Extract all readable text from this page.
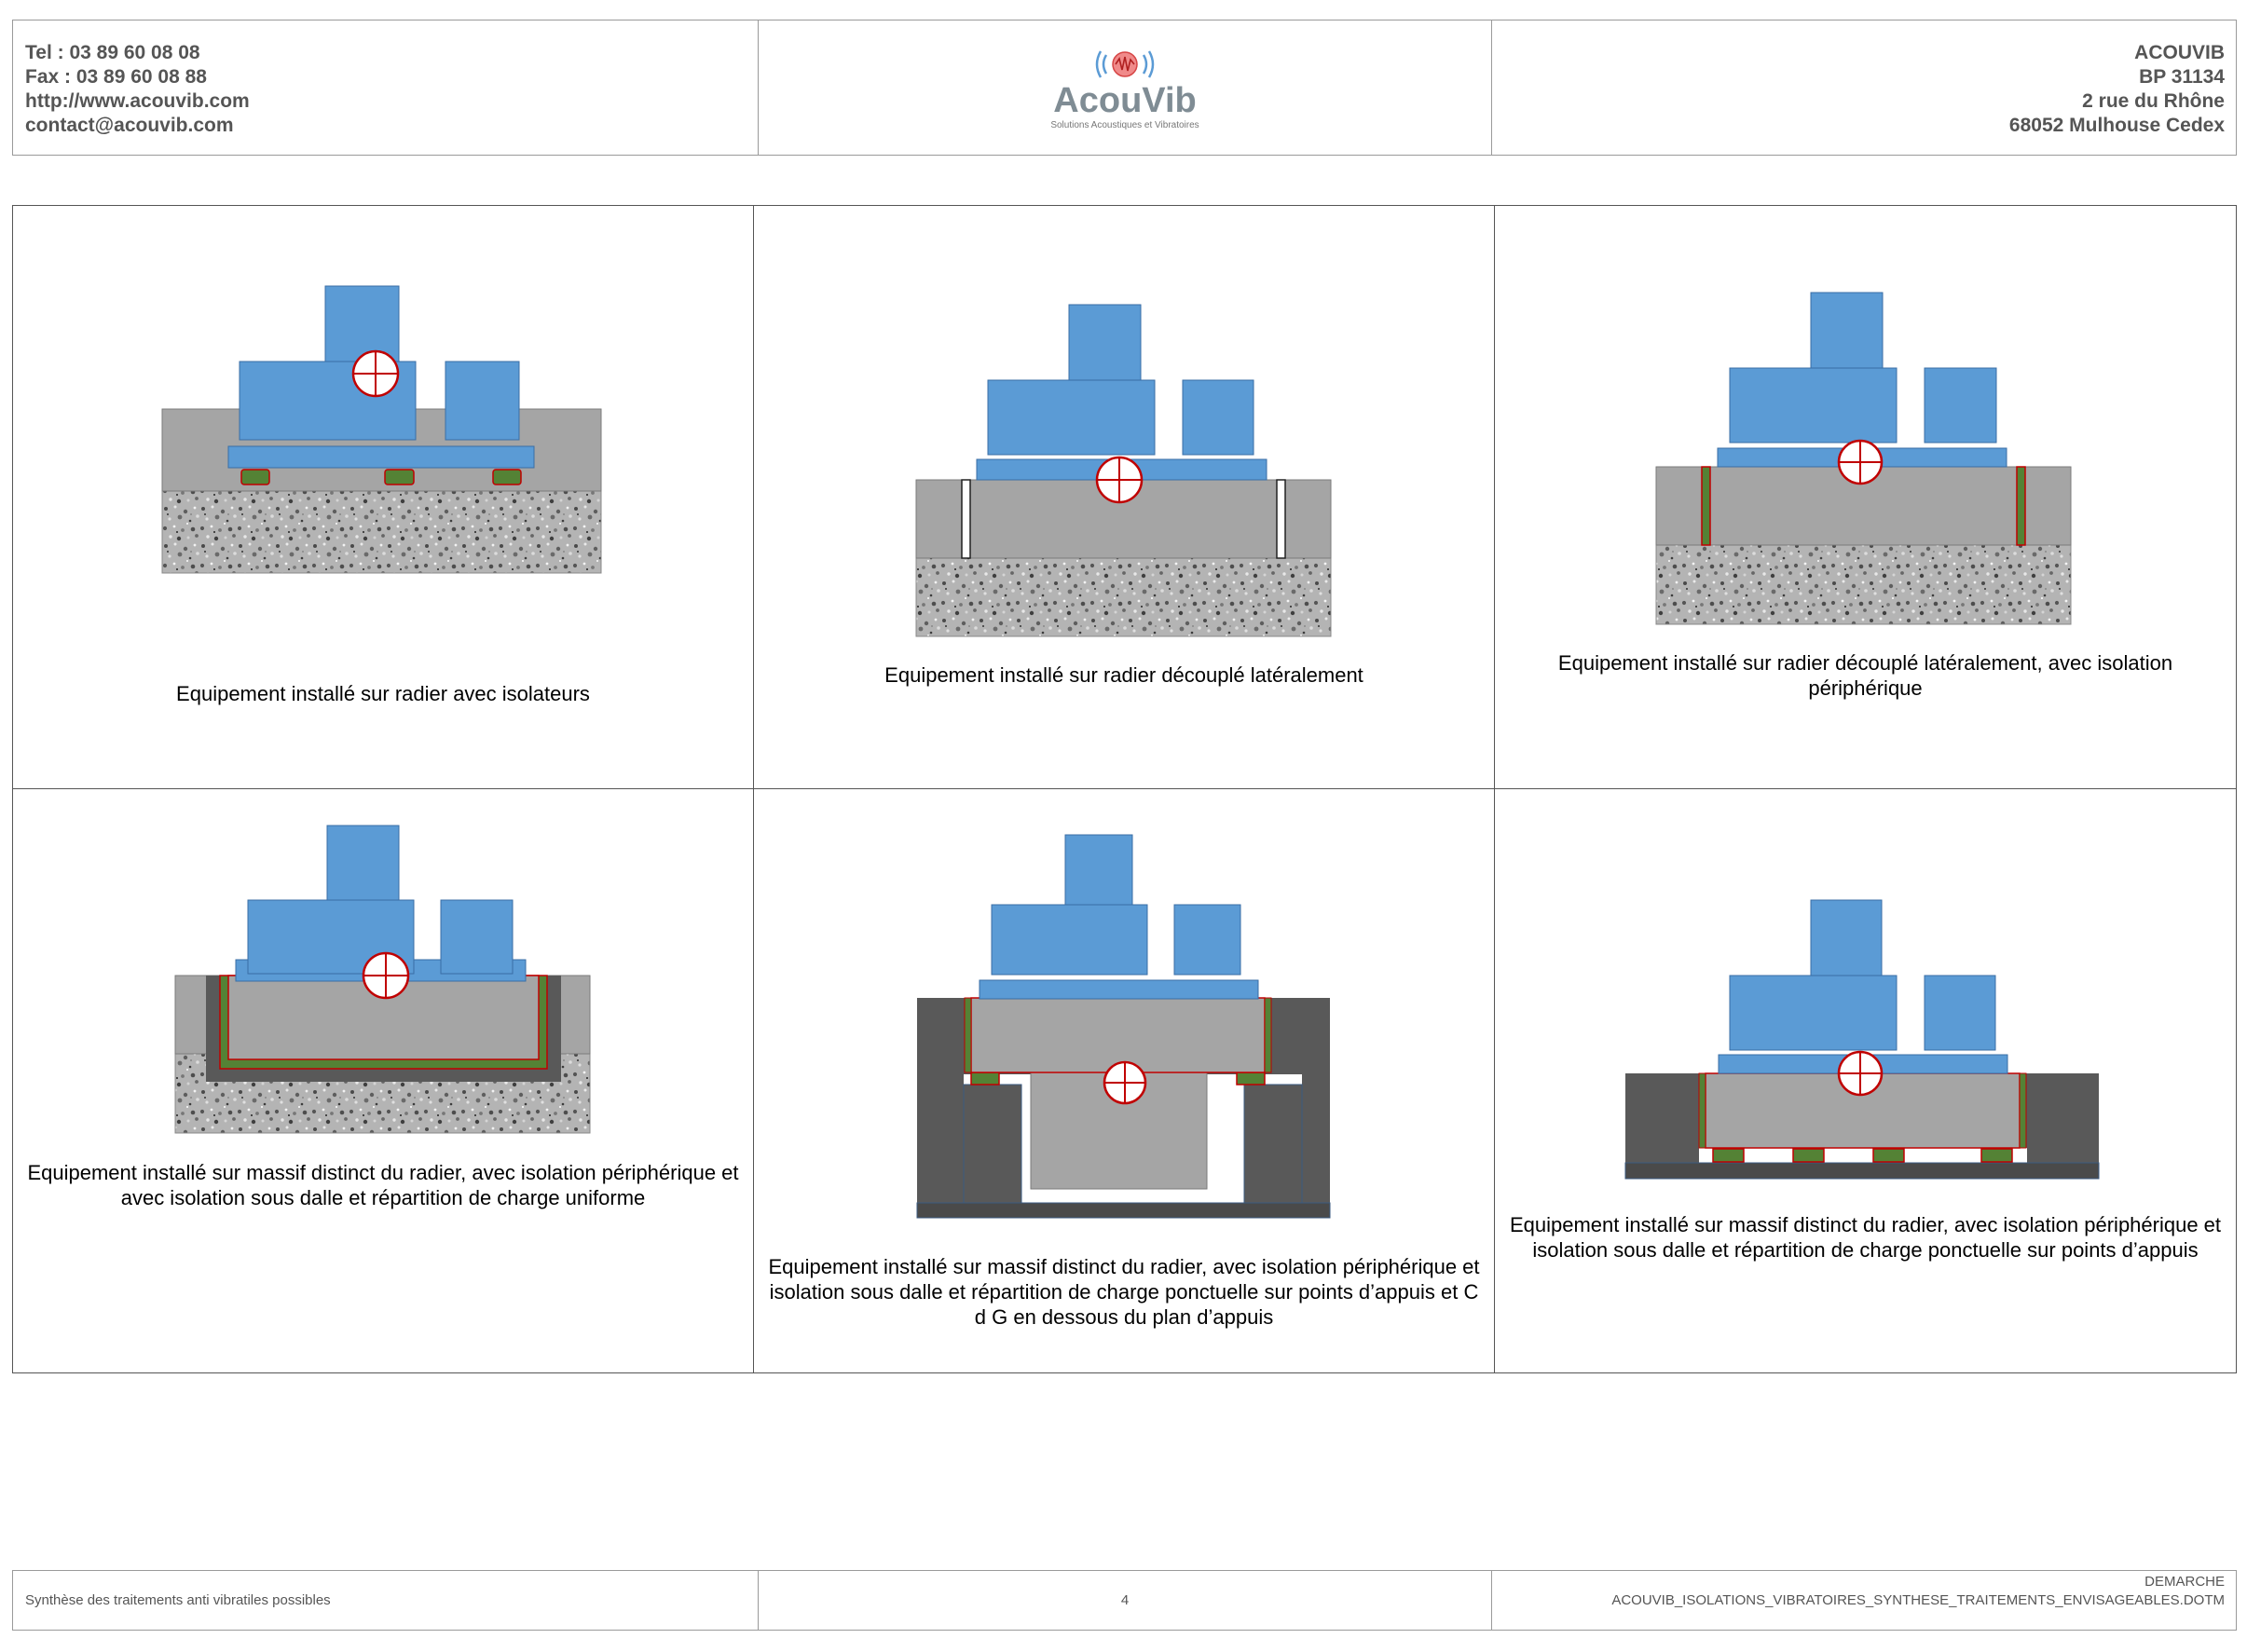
Tel : 03 89 60 08 08
Fax : 03 89 60 08 88
http://www.acouvib.com
contact@acouvib.com
AcouVib
Solutions Acoustiques et Vibratoires
ACOUVIB
BP 31134
2 rue du Rhône
68052 Mulhouse Cedex
Equipement installé sur radier avec isolateurs
Equipement installé sur radier découplé latéralement
Equipement installé sur radier découplé latéralement, avec isolation périphérique
Equipement installé sur massif distinct du radier, avec isolation périphérique et avec isolation sous dalle et répartition de charge uniforme
Equipement installé sur massif distinct du radier, avec isolation périphérique et isolation sous dalle et répartition de charge ponctuelle sur points d’appuis et C d G en dessous du plan d’appuis
Equipement installé sur massif distinct du radier, avec isolation périphérique et isolation sous dalle et répartition de charge ponctuelle sur points d’appuis
Synthèse des traitements anti vibratiles possibles	4
DEMARCHE
ACOUVIB_ISOLATIONS_VIBRATOIRES_SYNTHESE_TRAITEMENTS_ENVISAGEABLES.DOTM
